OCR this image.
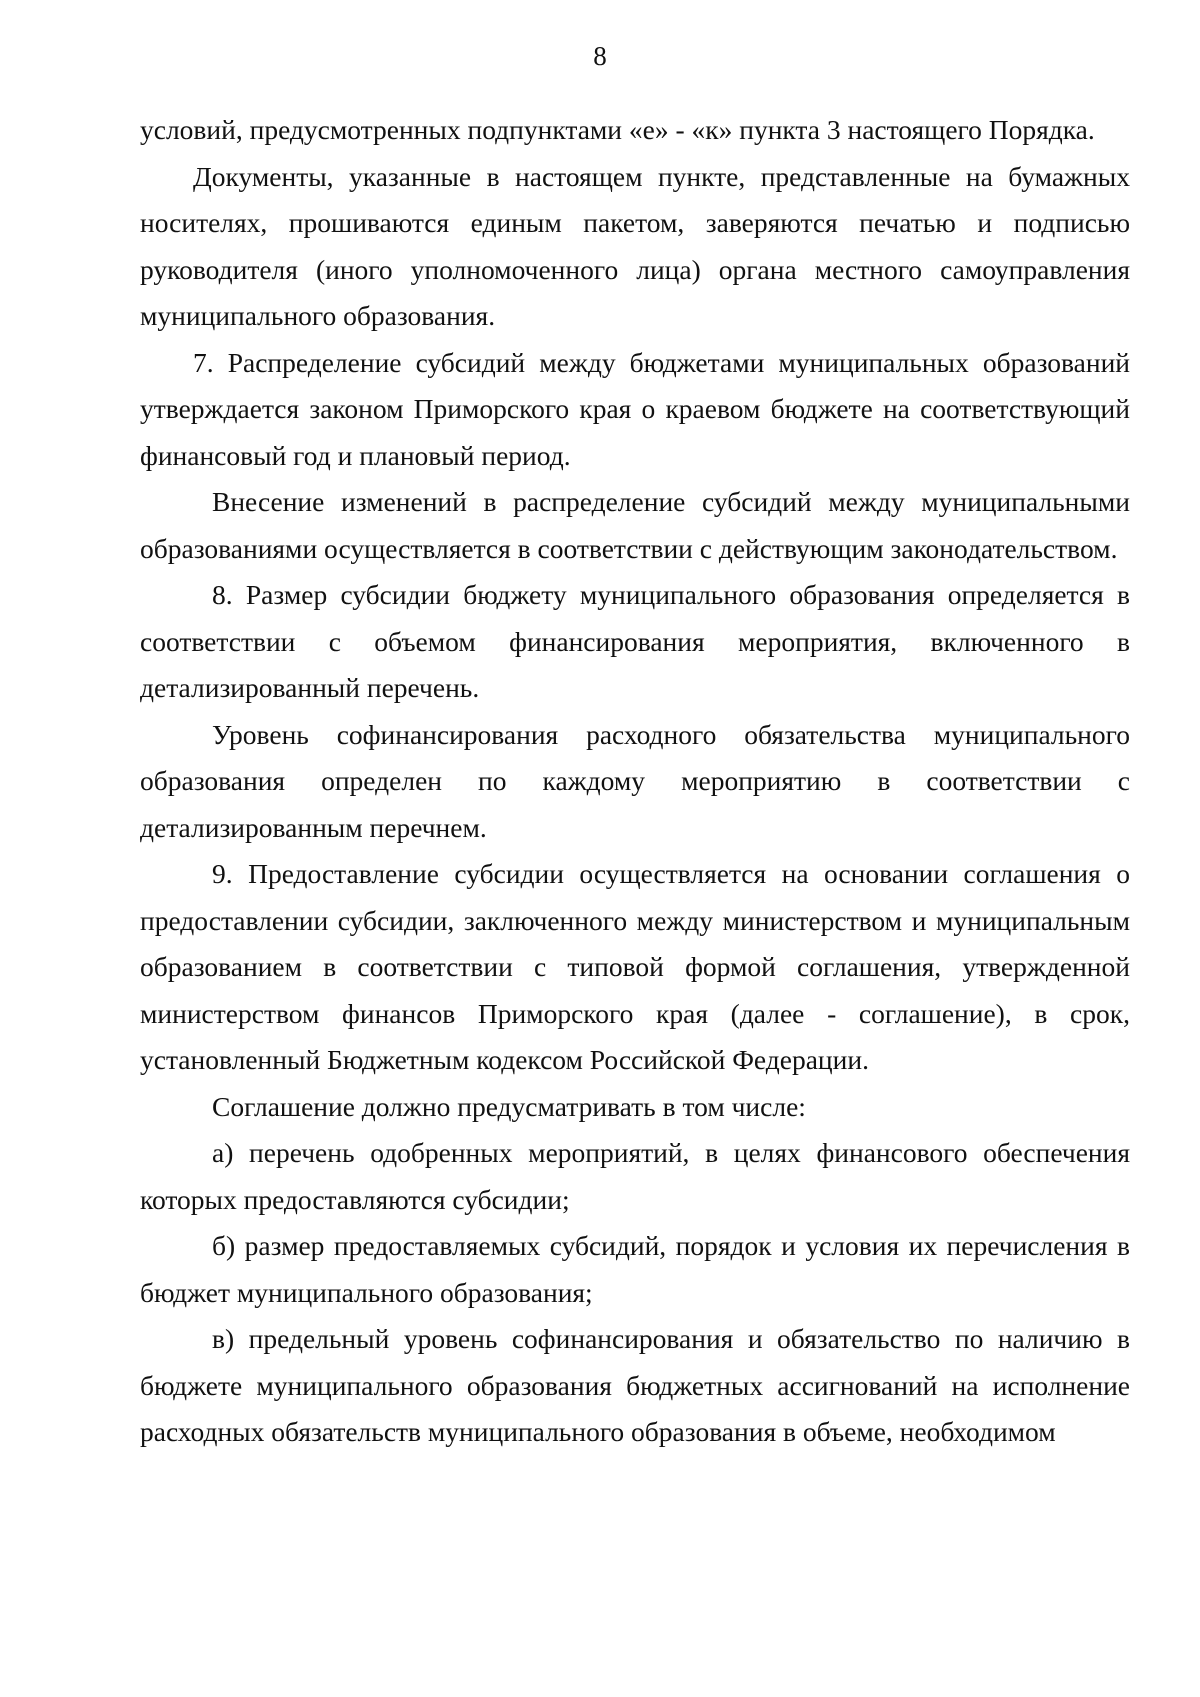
8

условий, предусмотренных подпунктами «е» - «к» пункта 3 настоящего Порядка.

Документы, указанные в настоящем пункте, представленные на бумажных носителях, прошиваются единым пакетом, заверяются печатью и подписью руководителя (иного уполномоченного лица) органа местного самоуправления муниципального образования.

7. Распределение субсидий между бюджетами муниципальных образований утверждается законом Приморского края о краевом бюджете на соответствующий финансовый год и плановый период.

Внесение изменений в распределение субсидий между муниципальными образованиями осуществляется в соответствии с действующим законодательством.

8. Размер субсидии бюджету муниципального образования определяется в соответствии с объемом финансирования мероприятия, включенного в детализированный перечень.

Уровень софинансирования расходного обязательства муниципального образования определен по каждому мероприятию в соответствии с детализированным перечнем.

9. Предоставление субсидии осуществляется на основании соглашения о предоставлении субсидии, заключенного между министерством и муниципальным образованием в соответствии с типовой формой соглашения, утвержденной министерством финансов Приморского края (далее - соглашение), в срок, установленный Бюджетным кодексом Российской Федерации.

Соглашение должно предусматривать в том числе:

а) перечень одобренных мероприятий, в целях финансового обеспечения которых предоставляются субсидии;

б) размер предоставляемых субсидий, порядок и условия их перечисления в бюджет муниципального образования;

в) предельный уровень софинансирования и обязательство по наличию в бюджете муниципального образования бюджетных ассигнований на исполнение расходных обязательств муниципального образования в объеме, необходимом
